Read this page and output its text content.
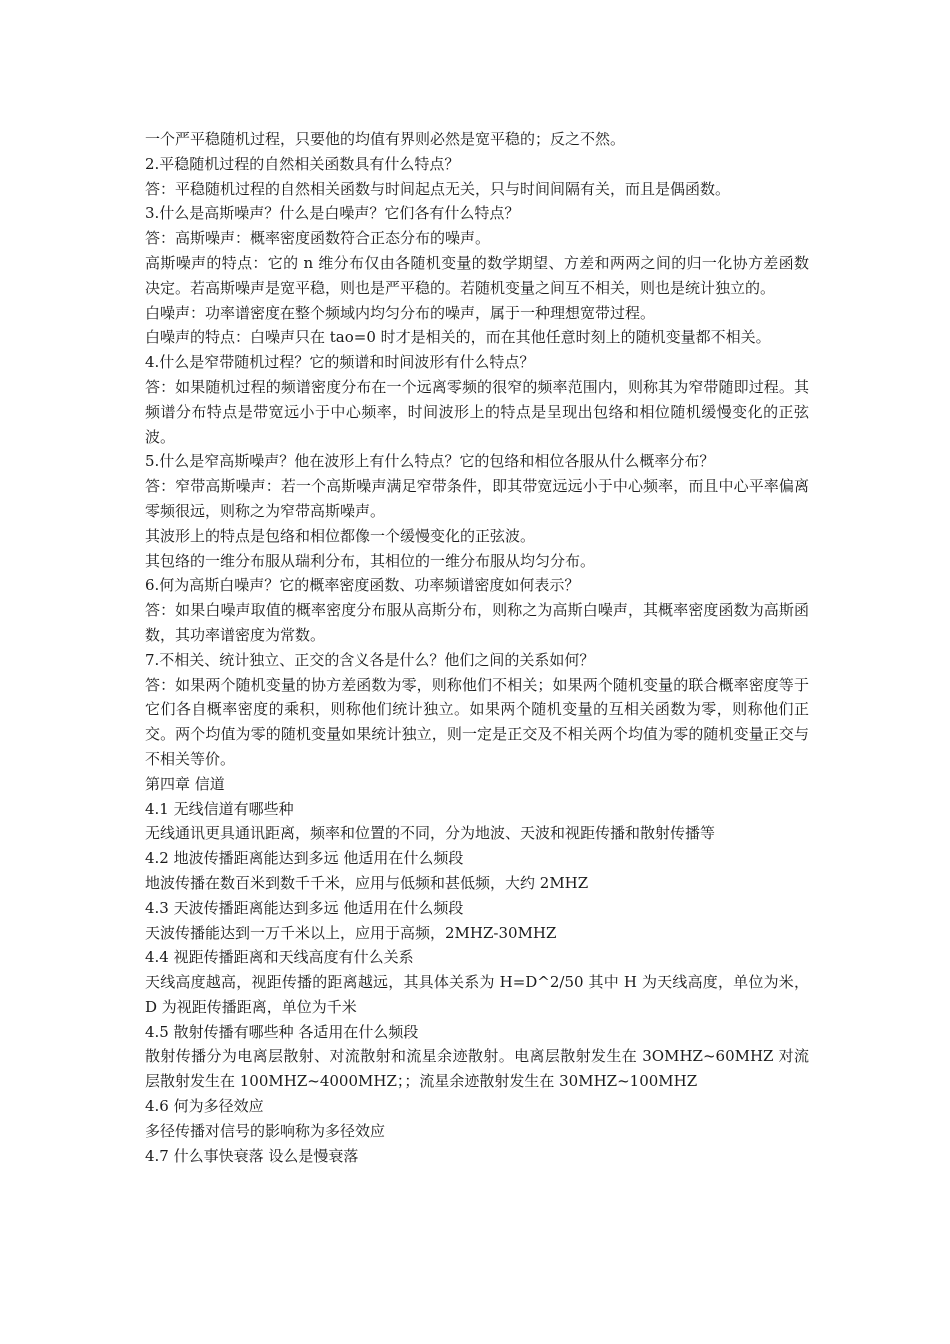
一个严平稳随机过程，只要他的均值有界则必然是宽平稳的；反之不然。

2.平稳随机过程的自然相关函数具有什么特点？

答：平稳随机过程的自然相关函数与时间起点无关，只与时间间隔有关，而且是偶函数。

3.什么是高斯噪声？什么是白噪声？它们各有什么特点？

答：高斯噪声：概率密度函数符合正态分布的噪声。

高斯噪声的特点：它的 n 维分布仅由各随机变量的数学期望、方差和两两之间的归一化协方差函数决定。若高斯噪声是宽平稳，则也是严平稳的。若随机变量之间互不相关，则也是统计独立的。

白噪声：功率谱密度在整个频域内均匀分布的噪声，属于一种理想宽带过程。

白噪声的特点：白噪声只在 tao=0 时才是相关的，而在其他任意时刻上的随机变量都不相关。

4.什么是窄带随机过程？它的频谱和时间波形有什么特点？

答：如果随机过程的频谱密度分布在一个远离零频的很窄的频率范围内，则称其为窄带随即过程。其频谱分布特点是带宽远小于中心频率，时间波形上的特点是呈现出包络和相位随机缓慢变化的正弦波。

5.什么是窄高斯噪声？他在波形上有什么特点？它的包络和相位各服从什么概率分布？

答：窄带高斯噪声：若一个高斯噪声满足窄带条件，即其带宽远远小于中心频率，而且中心平率偏离零频很远，则称之为窄带高斯噪声。

其波形上的特点是包络和相位都像一个缓慢变化的正弦波。

其包络的一维分布服从瑞利分布，其相位的一维分布服从均匀分布。

6.何为高斯白噪声？它的概率密度函数、功率频谱密度如何表示？

答：如果白噪声取值的概率密度分布服从高斯分布，则称之为高斯白噪声，其概率密度函数为高斯函数，其功率谱密度为常数。

7.不相关、统计独立、正交的含义各是什么？他们之间的关系如何？

答：如果两个随机变量的协方差函数为零，则称他们不相关；如果两个随机变量的联合概率密度等于它们各自概率密度的乘积，则称他们统计独立。如果两个随机变量的互相关函数为零，则称他们正交。两个均值为零的随机变量如果统计独立，则一定是正交及不相关两个均值为零的随机变量正交与不相关等价。

第四章 信道

4.1 无线信道有哪些种

无线通讯更具通讯距离，频率和位置的不同，分为地波、天波和视距传播和散射传播等

4.2 地波传播距离能达到多远 他适用在什么频段

地波传播在数百米到数千千米，应用与低频和甚低频，大约 2MHZ

4.3 天波传播距离能达到多远 他适用在什么频段

天波传播能达到一万千米以上，应用于高频，2MHZ-30MHZ

4.4 视距传播距离和天线高度有什么关系

天线高度越高，视距传播的距离越远，其具体关系为 H=D^2/50 其中 H 为天线高度，单位为米，D 为视距传播距离，单位为千米

4.5 散射传播有哪些种 各适用在什么频段

散射传播分为电离层散射、对流散射和流星余迹散射。电离层散射发生在 3OMHZ~60MHZ 对流层散射发生在 100MHZ~4000MHZ；；流星余迹散射发生在 30MHZ~100MHZ

4.6 何为多径效应

多径传播对信号的影响称为多径效应

4.7 什么事快衰落 设么是慢衰落
